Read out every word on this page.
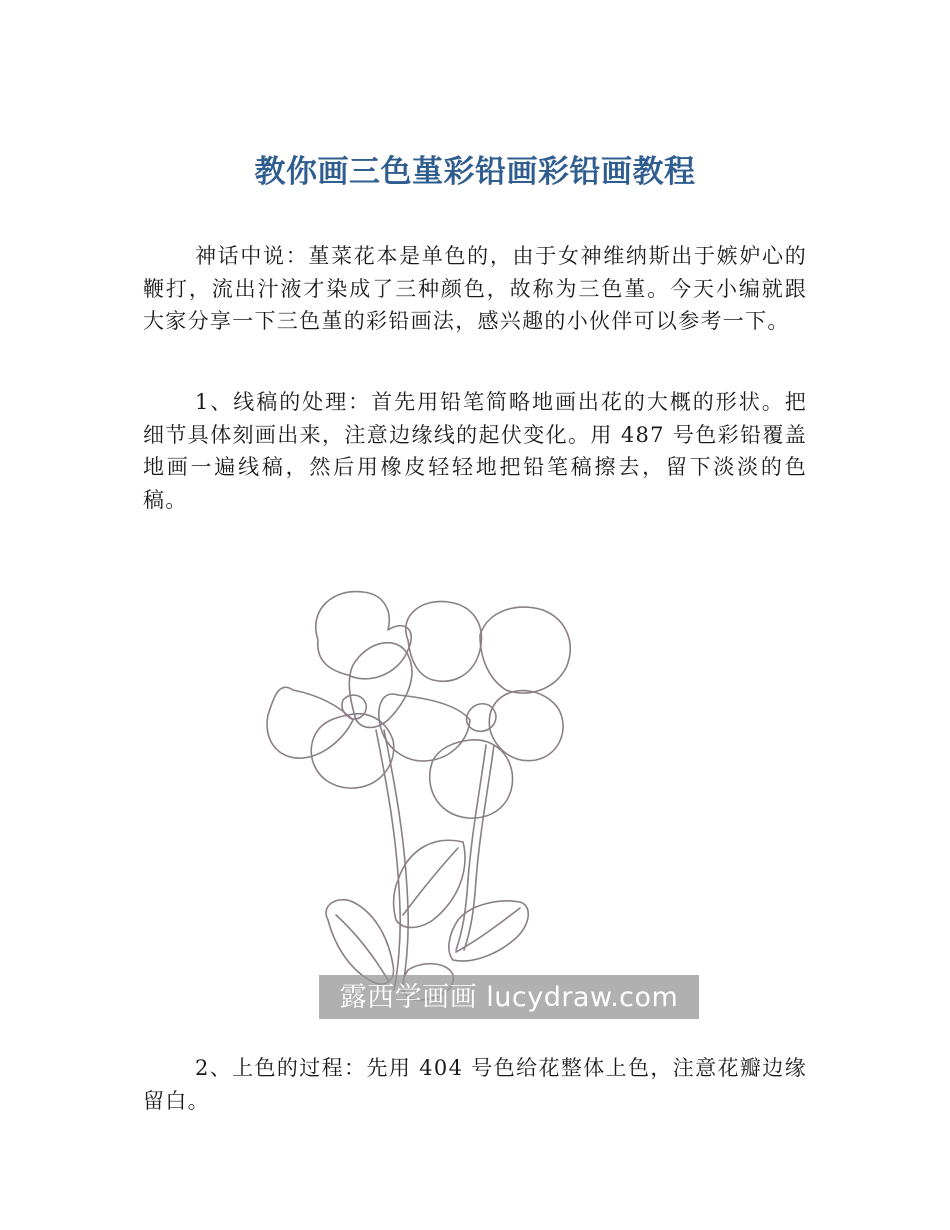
教你画三色堇彩铅画彩铅画教程

神话中说：堇菜花本是单色的，由于女神维纳斯出于嫉妒心的鞭打，流出汁液才染成了三种颜色，故称为三色堇。今天小编就跟大家分享一下三色堇的彩铅画法，感兴趣的小伙伴可以参考一下。

1、线稿的处理：首先用铅笔简略地画出花的大概的形状。把细节具体刻画出来，注意边缘线的起伏变化。用 487 号色彩铅覆盖地画一遍线稿，然后用橡皮轻轻地把铅笔稿擦去，留下淡淡的色稿。

露西学画画 lucydraw.com

2、上色的过程：先用 404 号色给花整体上色，注意花瓣边缘留白。
